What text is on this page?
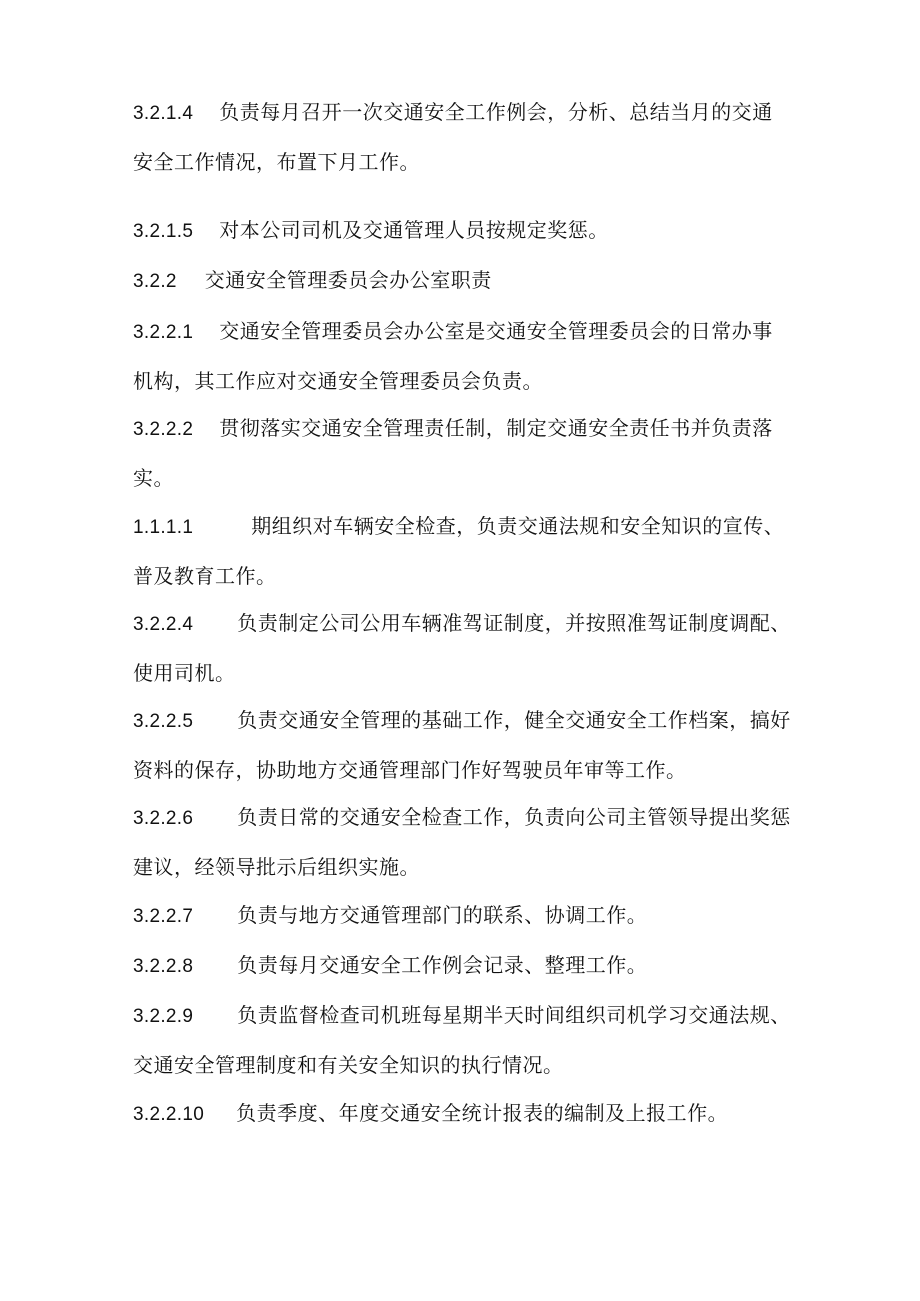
3.2.1.4 负责每月召开一次交通安全工作例会，分析、总结当月的交通安全工作情况，布置下月工作。

3.2.1.5 对本公司司机及交通管理人员按规定奖惩。

3.2.2 交通安全管理委员会办公室职责

3.2.2.1 交通安全管理委员会办公室是交通安全管理委员会的日常办事机构，其工作应对交通安全管理委员会负责。

3.2.2.2 贯彻落实交通安全管理责任制，制定交通安全责任书并负责落实。

1.1.1.1	期组织对车辆安全检查，负责交通法规和安全知识的宣传、普及教育工作。

3.2.2.4 负责制定公司公用车辆准驾证制度，并按照准驾证制度调配、使用司机。

3.2.2.5 负责交通安全管理的基础工作，健全交通安全工作档案，搞好资料的保存，协助地方交通管理部门作好驾驶员年审等工作。

3.2.2.6 负责日常的交通安全检查工作，负责向公司主管领导提出奖惩建议，经领导批示后组织实施。

3.2.2.7 负责与地方交通管理部门的联系、协调工作。

3.2.2.8 负责每月交通安全工作例会记录、整理工作。

3.2.2.9 负责监督检查司机班每星期半天时间组织司机学习交通法规、交通安全管理制度和有关安全知识的执行情况。

3.2.2.10 负责季度、年度交通安全统计报表的编制及上报工作。
